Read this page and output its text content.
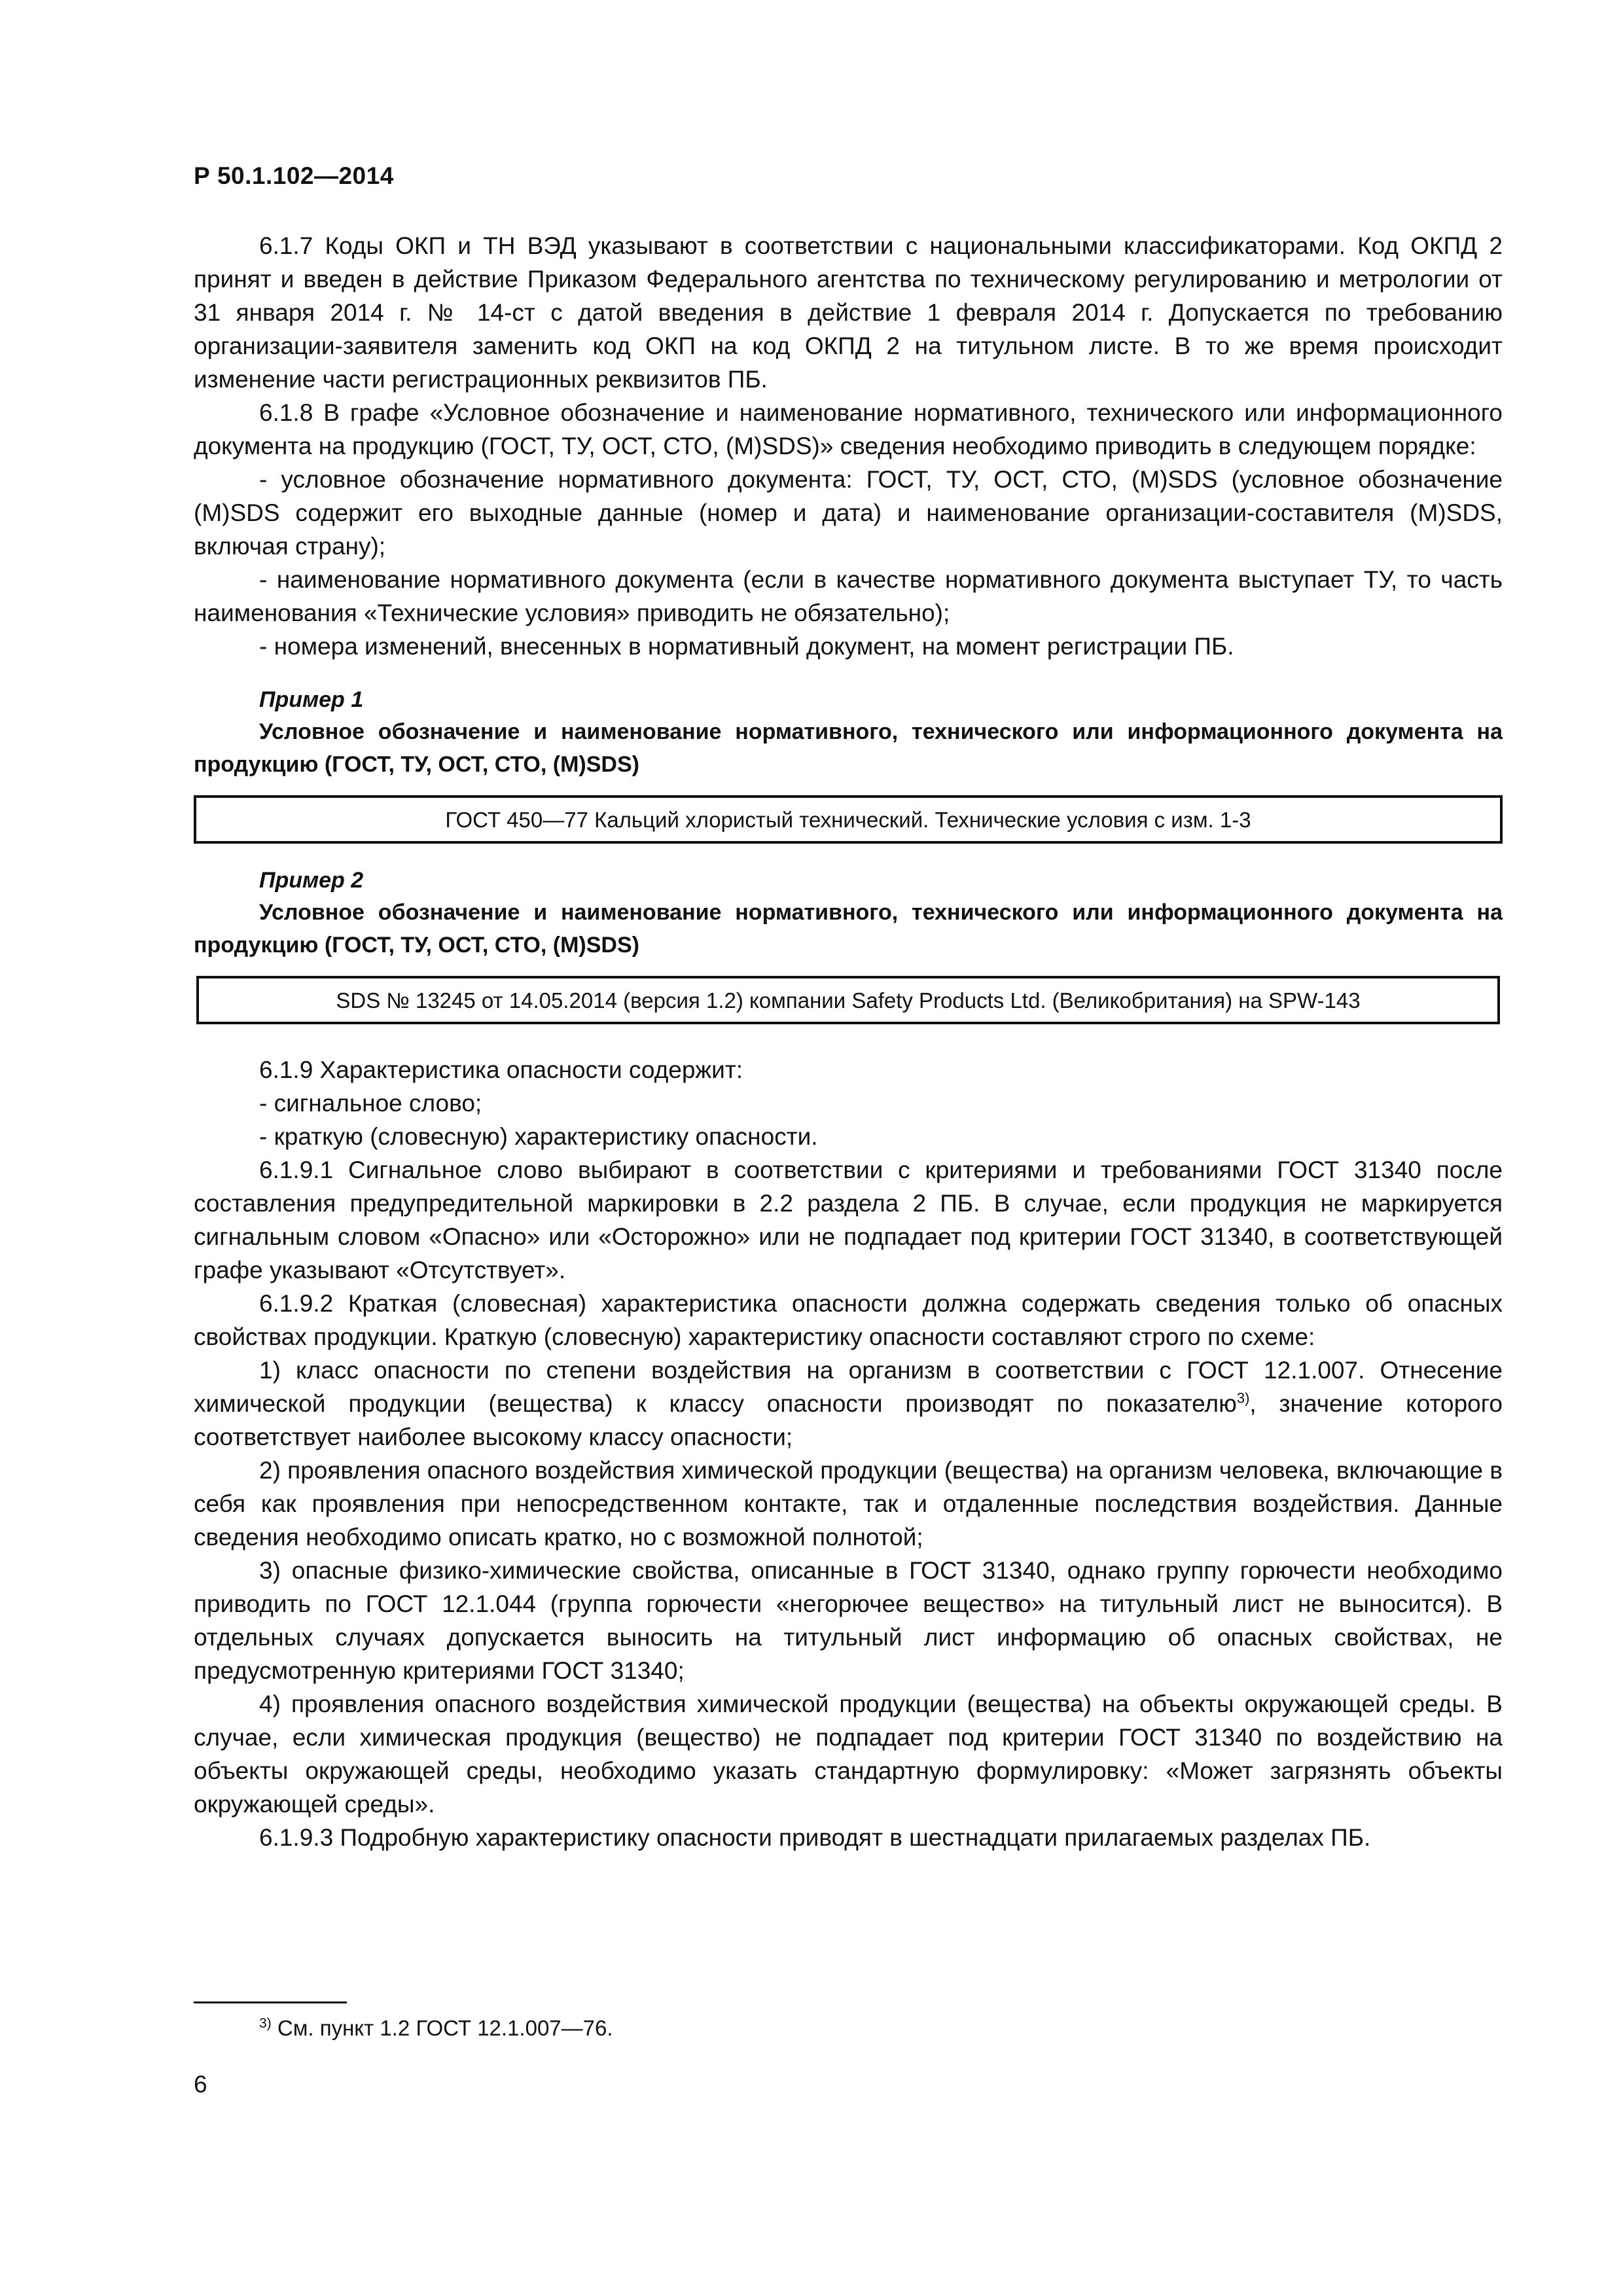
Р 50.1.102—2014

6.1.7 Коды ОКП и ТН ВЭД указывают в соответствии с национальными классификаторами. Код ОКПД 2 принят и введен в действие Приказом Федерального агентства по техническому регулированию и метрологии от 31 января 2014 г. № 14-ст с датой введения в действие 1 февраля 2014 г. Допускается по требованию организации-заявителя заменить код ОКП на код ОКПД 2 на титульном листе. В то же время происходит изменение части регистрационных реквизитов ПБ.

6.1.8 В графе «Условное обозначение и наименование нормативного, технического или информационного документа на продукцию (ГОСТ, ТУ, ОСТ, СТО, (M)SDS)» сведения необходимо приводить в следующем порядке:

- условное обозначение нормативного документа: ГОСТ, ТУ, ОСТ, СТО, (M)SDS (условное обозначение (M)SDS содержит его выходные данные (номер и дата) и наименование организации-составителя (M)SDS, включая страну);

- наименование нормативного документа (если в качестве нормативного документа выступает ТУ, то часть наименования «Технические условия» приводить не обязательно);

- номера изменений, внесенных в нормативный документ, на момент регистрации ПБ.

Пример 1

Условное обозначение и наименование нормативного, технического или информационного документа на продукцию (ГОСТ, ТУ, ОСТ, СТО, (M)SDS)

ГОСТ 450—77 Кальций хлористый технический. Технические условия с изм. 1-3

Пример 2

Условное обозначение и наименование нормативного, технического или информационного документа на продукцию (ГОСТ, ТУ, ОСТ, СТО, (M)SDS)

SDS № 13245 от 14.05.2014 (версия 1.2) компании Safety Products Ltd. (Великобритания) на SPW-143

6.1.9 Характеристика опасности содержит:

- сигнальное слово;

- краткую (словесную) характеристику опасности.

6.1.9.1 Сигнальное слово выбирают в соответствии с критериями и требованиями ГОСТ 31340 после составления предупредительной маркировки в 2.2 раздела 2 ПБ. В случае, если продукция не маркируется сигнальным словом «Опасно» или «Осторожно» или не подпадает под критерии ГОСТ 31340, в соответствующей графе указывают «Отсутствует».

6.1.9.2 Краткая (словесная) характеристика опасности должна содержать сведения только об опасных свойствах продукции. Краткую (словесную) характеристику опасности составляют строго по схеме:

1) класс опасности по степени воздействия на организм в соответствии с ГОСТ 12.1.007. Отнесение химической продукции (вещества) к классу опасности производят по показателю$^{3)}$, значение которого соответствует наиболее высокому классу опасности;

2) проявления опасного воздействия химической продукции (вещества) на организм человека, включающие в себя как проявления при непосредственном контакте, так и отдаленные последствия воздействия. Данные сведения необходимо описать кратко, но с возможной полнотой;

3) опасные физико-химические свойства, описанные в ГОСТ 31340, однако группу горючести необходимо приводить по ГОСТ 12.1.044 (группа горючести «негорючее вещество» на титульный лист не выносится). В отдельных случаях допускается выносить на титульный лист информацию об опасных свойствах, не предусмотренную критериями ГОСТ 31340;

4) проявления опасного воздействия химической продукции (вещества) на объекты окружающей среды. В случае, если химическая продукция (вещество) не подпадает под критерии ГОСТ 31340 по воздействию на объекты окружающей среды, необходимо указать стандартную формулировку: «Может загрязнять объекты окружающей среды».

6.1.9.3 Подробную характеристику опасности приводят в шестнадцати прилагаемых разделах ПБ.

$^{3)}$ См. пункт 1.2 ГОСТ 12.1.007—76.
6
